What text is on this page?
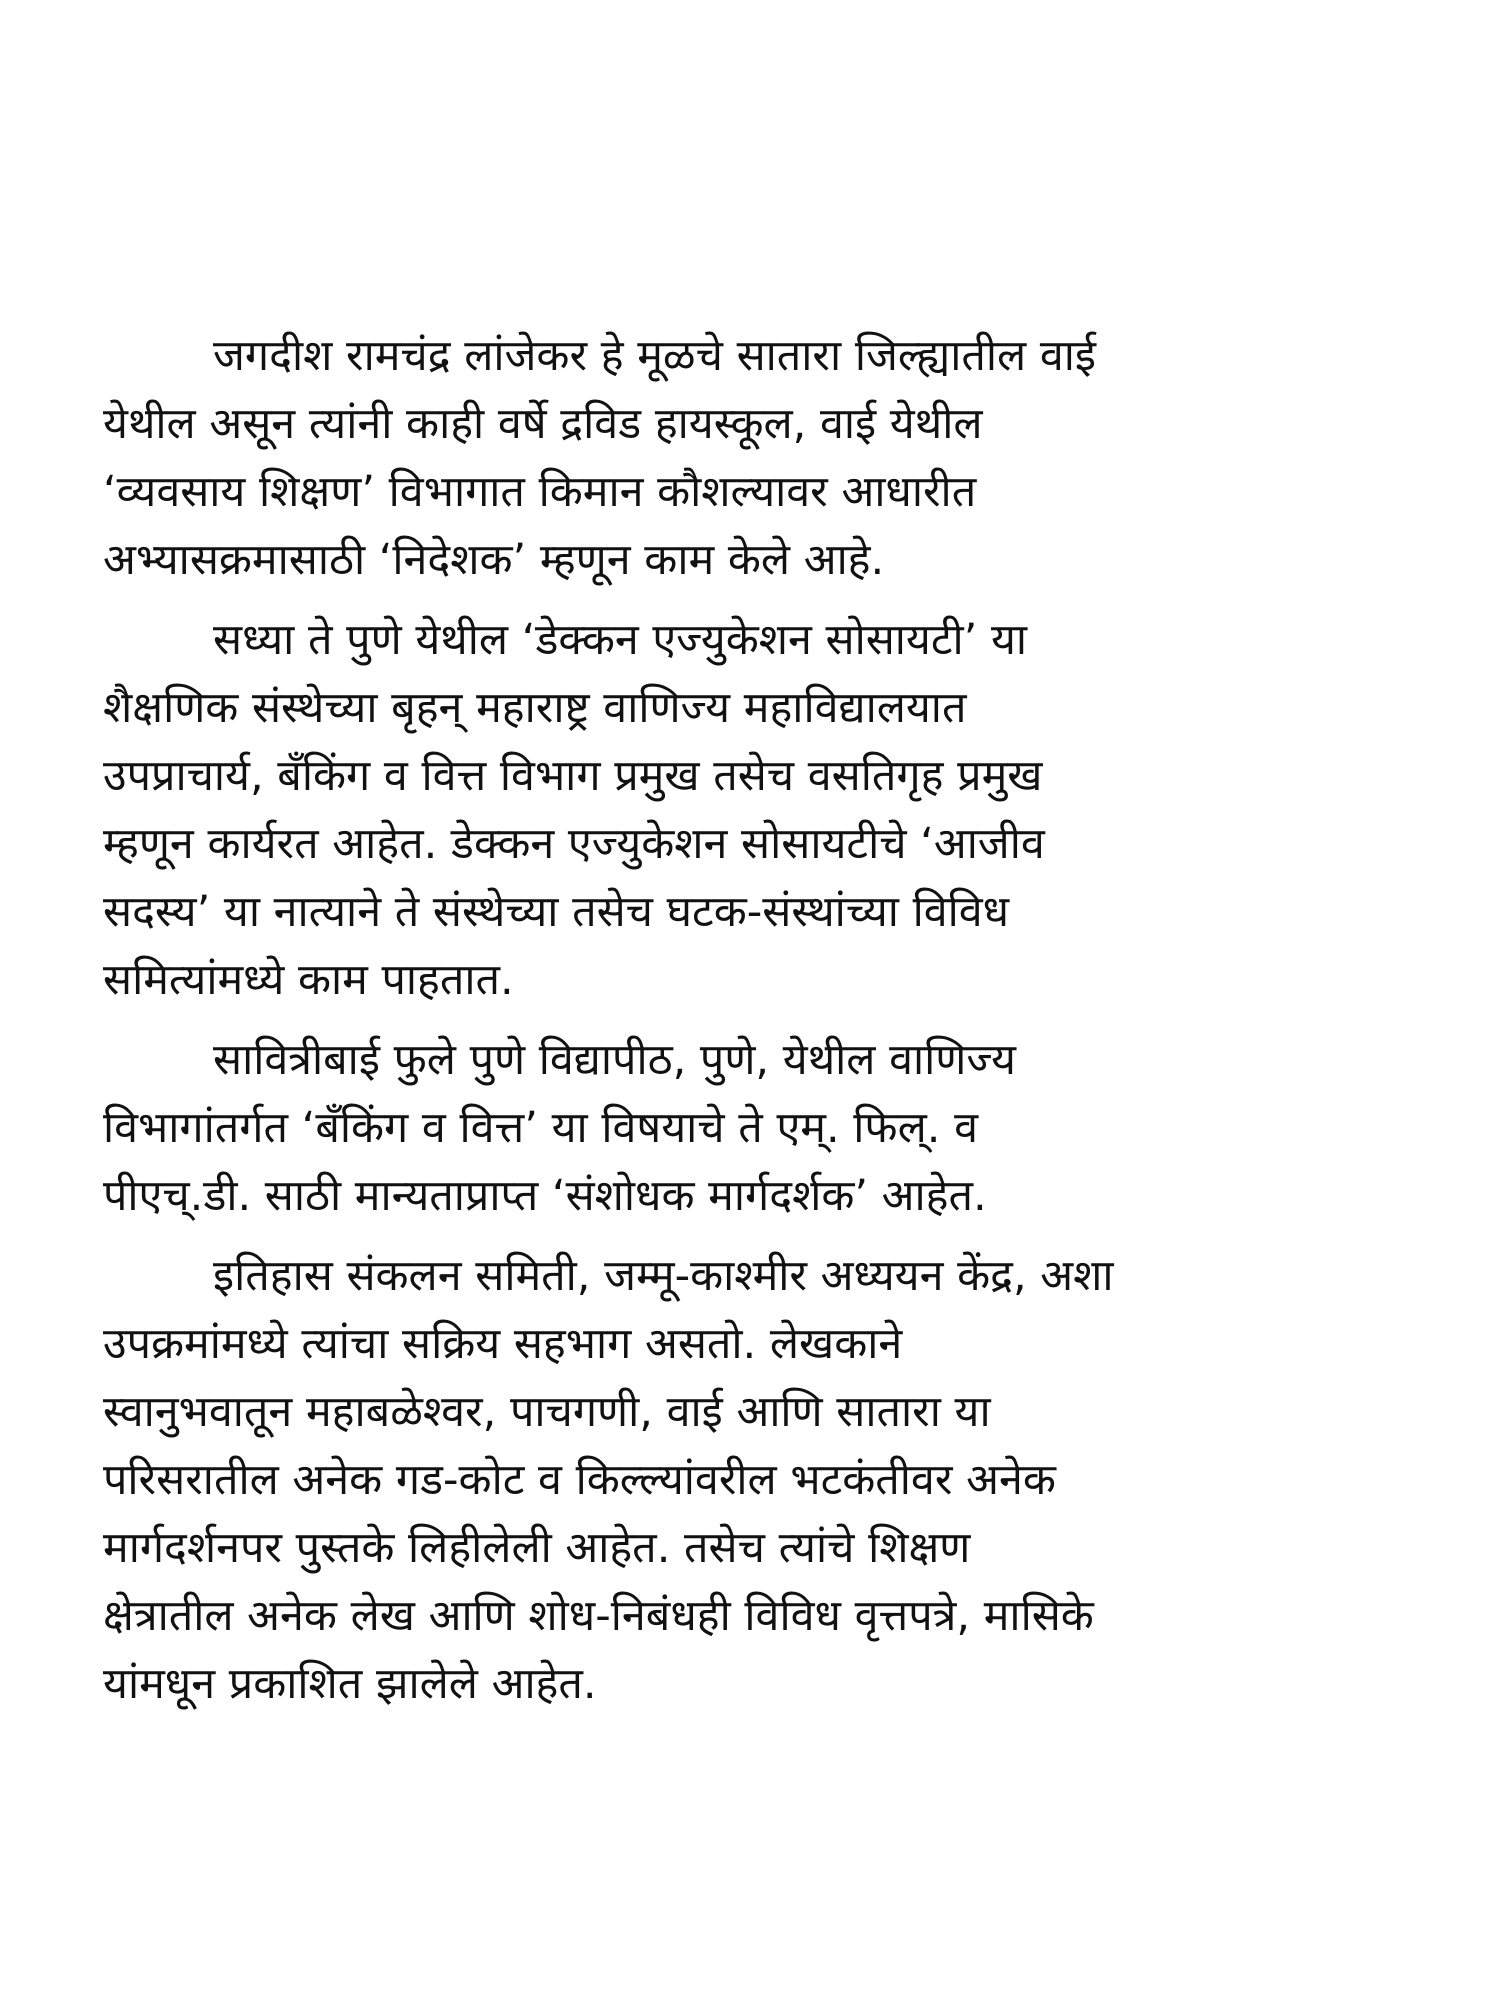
जगदीश रामचंद्र लांजेकर हे मूळचे सातारा जिल्ह्यातील वाई
येथील असून त्यांनी काही वर्षे द्रविड हायस्कूल, वाई येथील
‘व्यवसाय शिक्षण’ विभागात किमान कौशल्यावर आधारीत
अभ्यासक्रमासाठी ‘निदेशक’ म्हणून काम केले आहे.

सध्या ते पुणे येथील ‘डेक्कन एज्युकेशन सोसायटी’ या
शैक्षणिक संस्थेच्या बृहन् महाराष्ट्र वाणिज्य महाविद्यालयात
उपप्राचार्य, बँकिंग व वित्त विभाग प्रमुख तसेच वसतिगृह प्रमुख
म्हणून कार्यरत आहेत. डेक्कन एज्युकेशन सोसायटीचे ‘आजीव
सदस्य’ या नात्याने ते संस्थेच्या तसेच घटक-संस्थांच्या विविध
समित्यांमध्ये काम पाहतात.

सावित्रीबाई फुले पुणे विद्यापीठ, पुणे, येथील वाणिज्य
विभागांतर्गत ‘बँकिंग व वित्त’ या विषयाचे ते एम्. फिल्. व
पीएच्.डी. साठी मान्यताप्राप्त ‘संशोधक मार्गदर्शक’ आहेत.

इतिहास संकलन समिती, जम्मू-काश्मीर अध्ययन केंद्र, अशा
उपक्रमांमध्ये त्यांचा सक्रिय सहभाग असतो. लेखकाने
स्वानुभवातून महाबळेश्वर, पाचगणी, वाई आणि सातारा या
परिसरातील अनेक गड-कोट व किल्ल्यांवरील भटकंतीवर अनेक
मार्गदर्शनपर पुस्तके लिहीलेली आहेत. तसेच त्यांचे शिक्षण
क्षेत्रातील अनेक लेख आणि शोध-निबंधही विविध वृत्तपत्रे, मासिके
यांमधून प्रकाशित झालेले आहेत.
